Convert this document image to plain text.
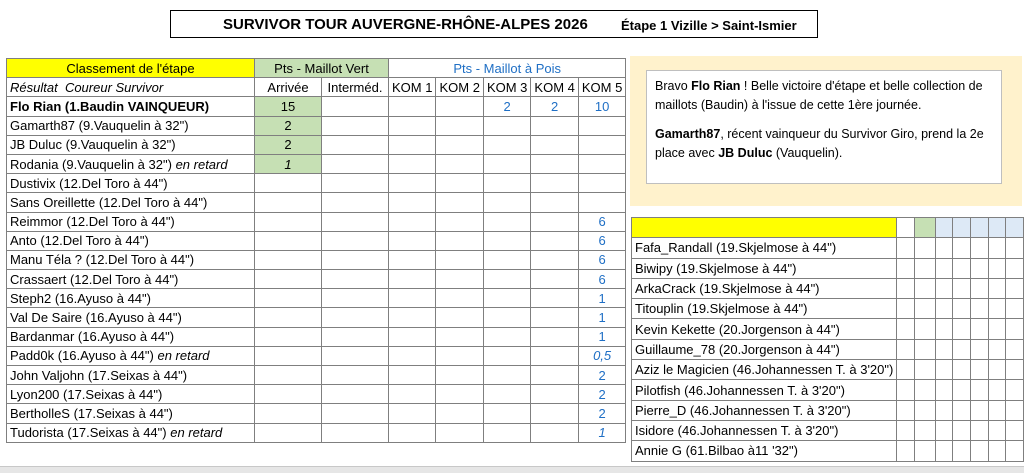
SURVIVOR TOUR AUVERGNE-RHÔNE-ALPES 2026	Étape 1 Vizille > Saint-Ismier
Classement de l'étape	Pts - Maillot Vert		Pts - Maillot à Pois				
Résultat Coureur Survivor	Arrivée	Interméd.	KOM 1	KOM 2	KOM 3	KOM 4	KOM 5
Flo Rian (1.Baudin VAINQUEUR)	15				2	2	10
Gamarth87 (9.Vauquelin à 32")	2						
JB Duluc (9.Vauquelin à 32")	2						
Rodania (9.Vauquelin à 32") en retard	1						
Dustivix (12.Del Toro à 44")							
Sans Oreillette (12.Del Toro à 44")							
Reimmor (12.Del Toro à 44")							6
Anto (12.Del Toro à 44")							6
Manu Téla ? (12.Del Toro à 44")							6
Crassaert (12.Del Toro à 44")							6
Steph2 (16.Ayuso à 44")							1
Val De Saire (16.Ayuso à 44")							1
Bardanmar (16.Ayuso à 44")							1
Padd0k (16.Ayuso à 44") en retard							0,5
John Valjohn (17.Seixas à 44")							2
Lyon200 (17.Seixas à 44")							2
BertholleS (17.Seixas à 44")							2
Tudorista (17.Seixas à 44") en retard							1

Bravo Flo Rian ! Belle victoire d'étape et belle collection de maillots (Baudin) à l'issue de cette 1ère journée.

Gamarth87, récent vainqueur du Survivor Giro, prend la 2e place avec JB Duluc (Vauquelin).

Fafa_Randall (19.Skjelmose à 44")							
Biwipy (19.Skjelmose à 44")							
ArkaCrack (19.Skjelmose à 44")							
Titouplin (19.Skjelmose à 44")							
Kevin Kekette (20.Jorgenson à 44")							
Guillaume_78 (20.Jorgenson à 44")							
Aziz le Magicien (46.Johannessen T. à 3'20")							
Pilotfish (46.Johannessen T. à 3'20")							
Pierre_D (46.Johannessen T. à 3'20")							
Isidore (46.Johannessen T. à 3'20")							
Annie G (61.Bilbao à11 '32")							
